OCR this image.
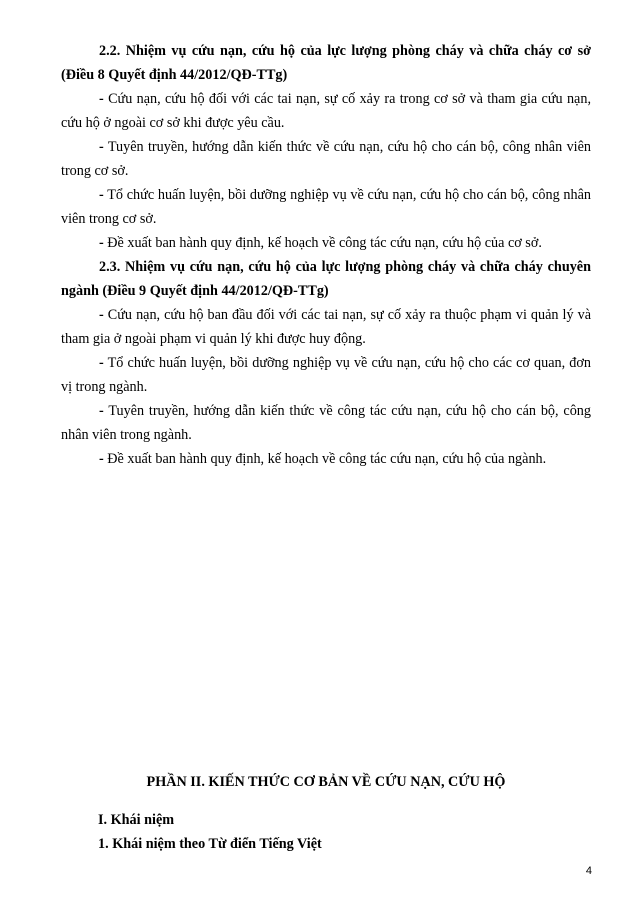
2.2. Nhiệm vụ cứu nạn, cứu hộ của lực lượng phòng cháy và chữa cháy cơ sở (Điều 8 Quyết định 44/2012/QĐ-TTg)
- Cứu nạn, cứu hộ đối với các tai nạn, sự cố xảy ra trong cơ sở và tham gia cứu nạn, cứu hộ ở ngoài cơ sở khi được yêu cầu.
- Tuyên truyền, hướng dẫn kiến thức về cứu nạn, cứu hộ cho cán bộ, công nhân viên trong cơ sở.
- Tổ chức huấn luyện, bồi dưỡng nghiệp vụ về cứu nạn, cứu hộ cho cán bộ, công nhân viên trong cơ sở.
- Đề xuất ban hành quy định, kế hoạch về công tác cứu nạn, cứu hộ của cơ sở.
2.3. Nhiệm vụ cứu nạn, cứu hộ của lực lượng phòng cháy và chữa cháy chuyên ngành (Điều 9 Quyết định 44/2012/QĐ-TTg)
- Cứu nạn, cứu hộ ban đầu đối với các tai nạn, sự cố xảy ra thuộc phạm vi quản lý và tham gia ở ngoài phạm vi quản lý khi được huy động.
- Tổ chức huấn luyện, bồi dưỡng nghiệp vụ về cứu nạn, cứu hộ cho các cơ quan, đơn vị trong ngành.
- Tuyên truyền, hướng dẫn kiến thức về công tác cứu nạn, cứu hộ cho cán bộ, công nhân viên trong ngành.
- Đề xuất ban hành quy định, kế hoạch về công tác cứu nạn, cứu hộ của ngành.
PHẦN II. KIẾN THỨC CƠ BẢN VỀ CỨU NẠN, CỨU HỘ
I. Khái niệm
1. Khái niệm theo Từ điển Tiếng Việt
4
